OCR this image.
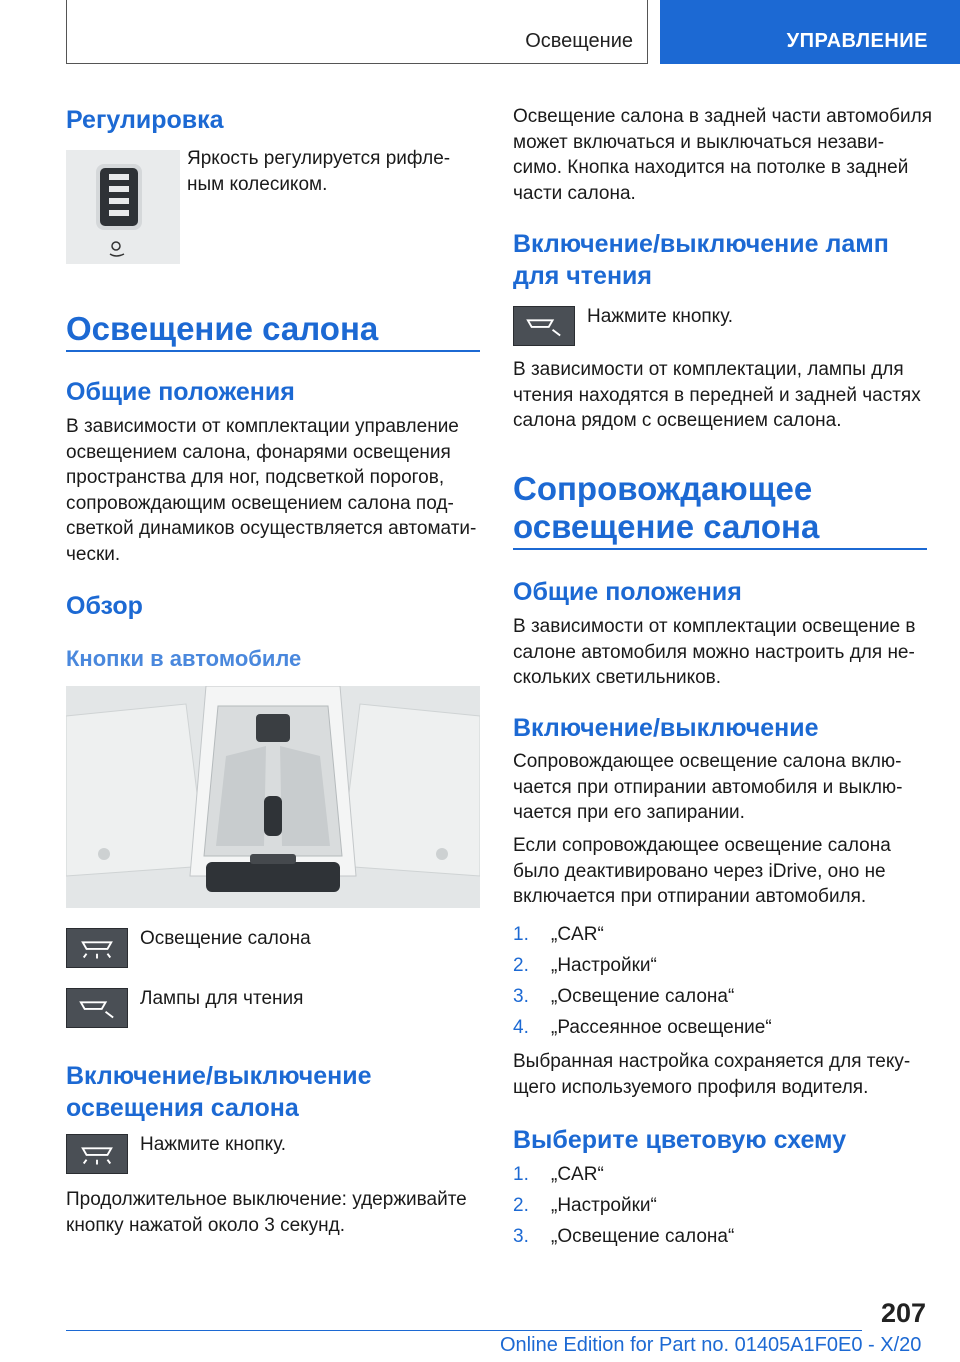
Освещение	УПРАВЛЕНИЕ
Регулировка

Яркость регулируется рифле-ным колесиком.

Освещение салона
Общие положения

В зависимости от комплектации управление освещением салона, фонарями освещения пространства для ног, подсветкой порогов, сопровождающим освещением салона под-светкой динамиков осуществляется автомати-чески.

Обзор
Кнопки в автомобиле
Освещение салона
Лампы для чтения
Включение/выключение освещения салона
Нажмите кнопку.

Продолжительное выключение: удерживайте кнопку нажатой около 3 секунд.

Освещение салона в задней части автомобиля может включаться и выключаться незави-симо. Кнопка находится на потолке в задней части салона.

Включение/выключение ламп для чтения
Нажмите кнопку.

В зависимости от комплектации, лампы для чтения находятся в передней и задней частях салона рядом с освещением салона.

Сопровождающее освещение салона
Общие положения

В зависимости от комплектации освещение в салоне автомобиля можно настроить для не-скольких светильников.

Включение/выключение

Сопровождающее освещение салона вклю-чается при отпирании автомобиля и выклю-чается при его запирании.

Если сопровождающее освещение салона было деактивировано через iDrive, оно не включается при отпирании автомобиля.

1. „CAR“
2. „Настройки“
3. „Освещение салона“
4. „Рассеянное освещение“

Выбранная настройка сохраняется для теку-щего используемого профиля водителя.

Выберите цветовую схему
1. „CAR“
2. „Настройки“
3. „Освещение салона“
207
Online Edition for Part no. 01405A1F0E0 - X/20
